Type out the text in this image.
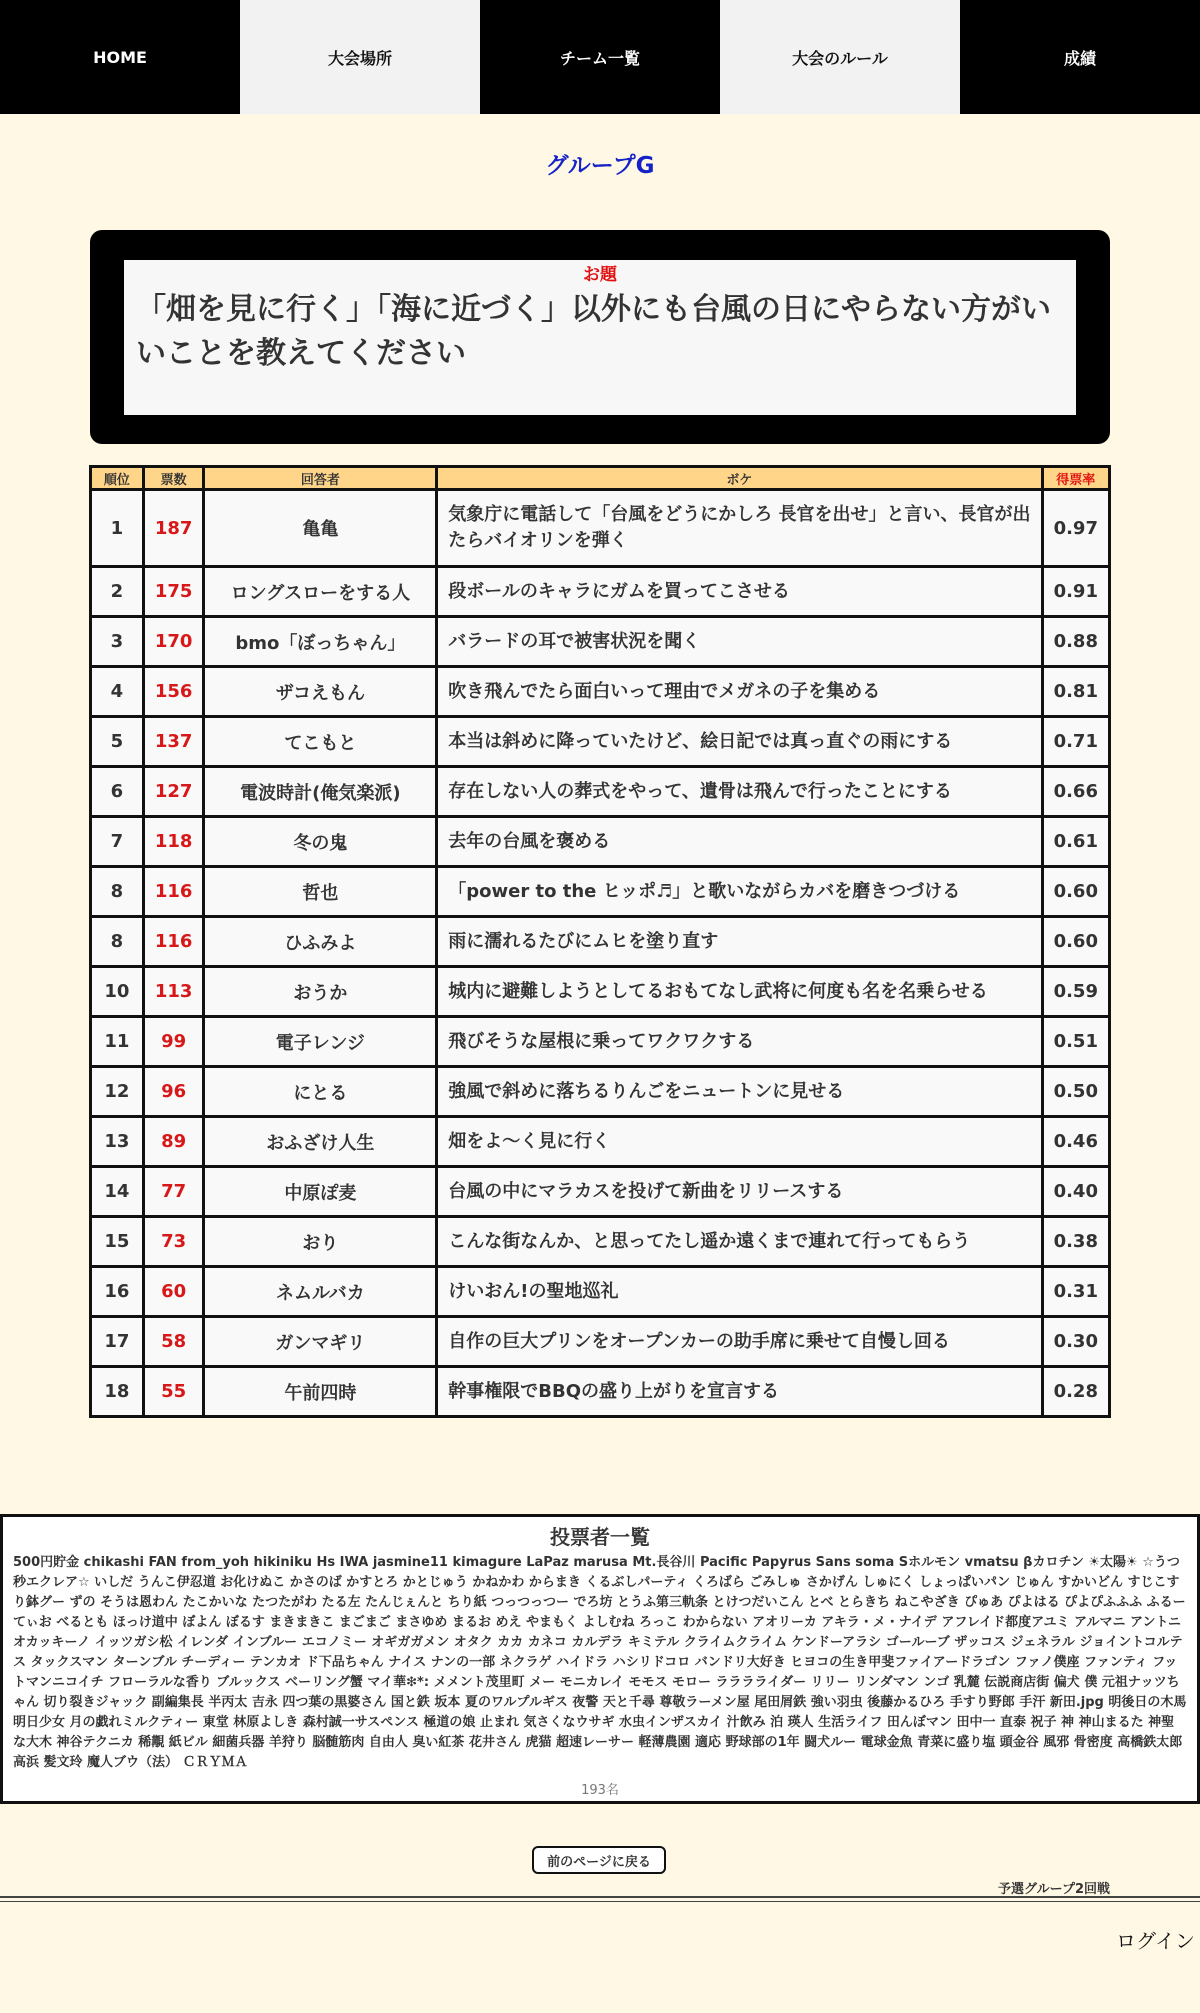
HOME	大会場所	チーム一覧	大会のルール	成績
グループG
お題
「畑を見に行く」「海に近づく」以外にも台風の日にやらない方がいいことを教えてください
順位	票数	回答者	ボケ	得票率
1	187	亀亀	気象庁に電話して「台風をどうにかしろ 長官を出せ」と言い、長官が出たらバイオリンを弾く	0.97
2	175	ロングスローをする人	段ボールのキャラにガムを買ってこさせる	0.91
3	170	bmo「ぼっちゃん」	バラードの耳で被害状況を聞く	0.88
4	156	ザコえもん	吹き飛んでたら面白いって理由でメガネの子を集める	0.81
5	137	てこもと	本当は斜めに降っていたけど、絵日記では真っ直ぐの雨にする	0.71
6	127	電波時計(俺気楽派)	存在しない人の葬式をやって、遺骨は飛んで行ったことにする	0.66
7	118	冬の鬼	去年の台風を褒める	0.61
8	116	哲也	「power to the ヒッポ♬」と歌いながらカバを磨きつづける	0.60
8	116	ひふみよ	雨に濡れるたびにムヒを塗り直す	0.60
10	113	おうか	城内に避難しようとしてるおもてなし武将に何度も名を名乗らせる	0.59
11	99	電子レンジ	飛びそうな屋根に乗ってワクワクする	0.51
12	96	にとる	強風で斜めに落ちるりんごをニュートンに見せる	0.50
13	89	おふざけ人生	畑をよ～く見に行く	0.46
14	77	中原ぽ麦	台風の中にマラカスを投げて新曲をリリースする	0.40
15	73	おり	こんな街なんか、と思ってたし遥か遠くまで連れて行ってもらう	0.38
16	60	ネムルバカ	けいおん!の聖地巡礼	0.31
17	58	ガンマギリ	自作の巨大プリンをオープンカーの助手席に乗せて自慢し回る	0.30
18	55	午前四時	幹事権限でBBQの盛り上がりを宣言する	0.28
投票者一覧
500円貯金 chikashi FAN from_yoh hikiniku Hs IWA jasmine11 kimagure LaPaz marusa Mt.長谷川 Pacific Papyrus Sans soma Sホルモン vmatsu βカロチン ☀太陽☀ ☆うつ秒エクレア☆ いしだ うんこ伊忍道 お化けぬこ かさのば かすとろ かとじゅう かねかわ からまき くるぶしパーティ くろばら ごみしゅ さかげん しゅにく しょっぱいパン じゅん すかいどん すじこすり鉢グー ずの そうは恩わん たこかいな たつたがわ たる左 たんじぇんと ちり紙 つっつっつー でろ坊 とうふ第三軌条 とけつだいこん とべ とらきち ねこやざき ぴゅあ ぴよはる ぴよぴふふふ ふるーてぃお べるとも ほっけ道中 ぼよん ぼるす まきまきこ まごまご まさゆめ まるお めえ やまもく よしむね ろっこ わからない アオリーカ アキラ・メ・ナイデ アフレイド都度アユミ アルマニ アントニオカッキーノ イッツガシ松 イレンダ インブルー エコノミー オギガガメン オタク カカ カネコ カルデラ キミテル クライムクライム ケンドーアラシ ゴールーブ ザッコス ジェネラル ジョイントコルテス タックスマン ターンブル チーディー テンカオ ド下品ちゃん ナイス ナンの一部 ネクラゲ ハイドラ ハシリドコロ バンドリ大好き ヒヨコの生き甲斐ファイアードラゴン ファノ僕座 ファンティ フットマンニコイチ フローラルな香り ブルックス ベーリング蟹 マイ華❇*: メメント茂里町 メー モニカレイ モモス モロー ラララライダー リリー リンダマン ンゴ 乳麓 伝説商店街 偏犬 僕 元祖ナッツちゃん 切り裂きジャック 副編集長 半丙太 吉永 四つ葉の黒婆さん 国と鉄 坂本 夏のワルプルギス 夜警 天と千尋 尊敬ラーメン屋 尾田屑鉄 強い羽虫 後藤かるひろ 手すり野郎 手汗 新田.jpg 明後日の木馬 明日少女 月の戯れミルクティー 東堂 林原よしき 森村誠一サスペンス 極道の娘 止まれ 気さくなウサギ 水虫インザスカイ 汁飲み 泊 瑛人 生活ライフ 田んぼマン 田中一 直泰 祝子 神 神山まるた 神聖な大木 神谷テクニカ 稀覯 紙ビル 細菌兵器 羊狩り 脳髄筋肉 自由人 臭い紅茶 花井さん 虎猫 超速レーサー 軽薄農園 適応 野球部の1年 闘犬ルー 電球金魚 青菜に盛り塩 頭金谷 風邪 骨密度 高橋鉄太郎 高浜 髪文玲 魔人ブウ（法） ＣＲＹＭＡ
193名
前のページに戻る
予選グループ2回戦
ログイン
